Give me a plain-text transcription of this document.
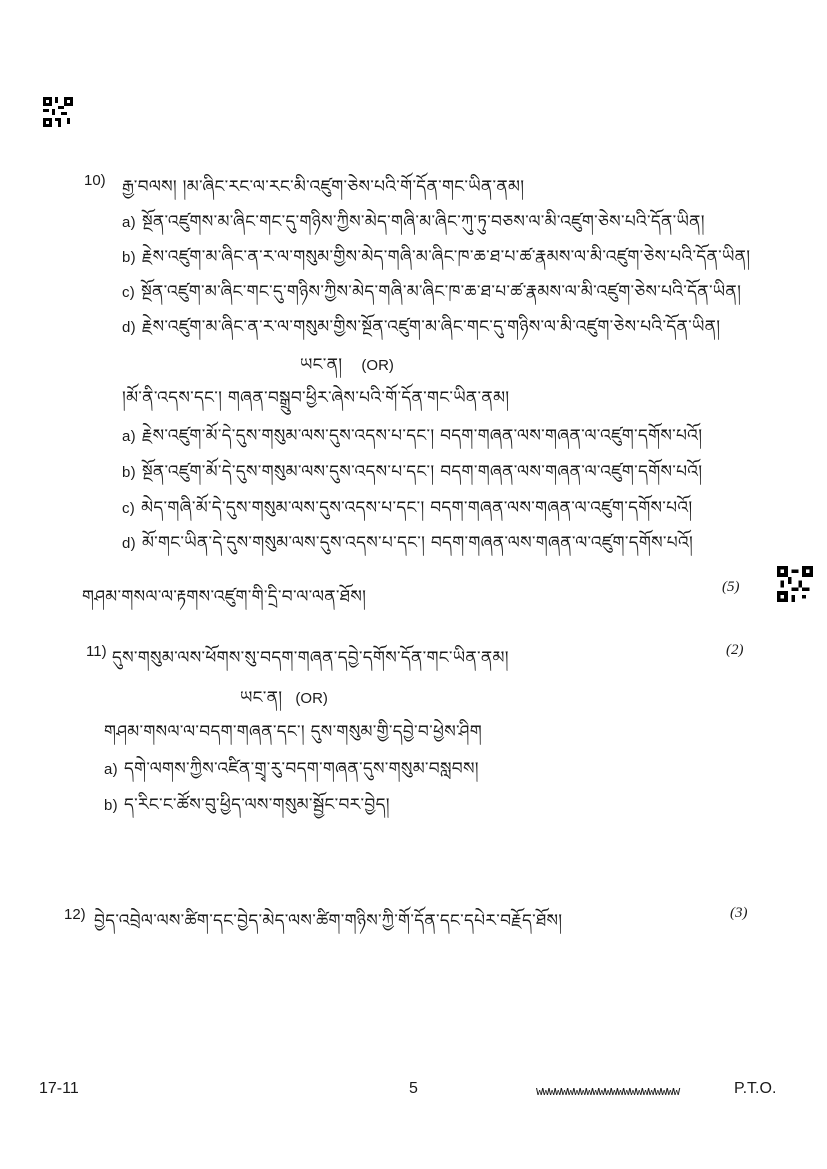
10) རྒྱ་བལས། །མ་ཞིང་རང་ལ་རང་མི་འཛུག་ཅེས་པའི་གོ་དོན་གང་ཡིན་ནམ།
a) སྔོན་འཛུགས་མ་ཞིང་གང་དུ་གཉིས་ཀྱིས་མེད་གཞི་མ་ཞིང་ཀུ་ཏུ་བཅས་ལ་མི་འཛུག་ཅེས་པའི་དོན་ཡིན།
b) རྗེས་འཛུག་མ་ཞིང་ན་ར་ལ་གསུམ་གྱིས་མེད་གཞི་མ་ཞིང་ཁ་ཆ་ཐ་པ་ཚ་རྣམས་ལ་མི་འཛུག་ཅེས་པའི་དོན་ཡིན།
c) སྔོན་འཛུག་མ་ཞིང་གང་དུ་གཉིས་ཀྱིས་མེད་གཞི་མ་ཞིང་ཁ་ཆ་ཐ་པ་ཚ་རྣམས་ལ་མི་འཛུག་ཅེས་པའི་དོན་ཡིན།
d) རྗེས་འཛུག་མ་ཞིང་ན་ར་ལ་གསུམ་གྱིས་སྔོན་འཛུག་མ་ཞིང་གང་དུ་གཉིས་ལ་མི་འཛུག་ཅེས་པའི་དོན་ཡིན།
ཡང་ན། (OR)
།མོ་ནི་འདས་དང་། གཞན་བསྒྲུབ་ཕྱིར་ཞེས་པའི་གོ་དོན་གང་ཡིན་ནམ།
a) རྗེས་འཛུག་མོ་དེ་དུས་གསུམ་ལས་དུས་འདས་པ་དང་། བདག་གཞན་ལས་གཞན་ལ་འཛུག་དགོས་པའོ།
b) སྔོན་འཛུག་མོ་དེ་དུས་གསུམ་ལས་དུས་འདས་པ་དང་། བདག་གཞན་ལས་གཞན་ལ་འཛུག་དགོས་པའོ།
c) མེད་གཞི་མོ་དེ་དུས་གསུམ་ལས་དུས་འདས་པ་དང་། བདག་གཞན་ལས་གཞན་ལ་འཛུག་དགོས་པའོ།
d) མོ་གང་ཡིན་དེ་དུས་གསུམ་ལས་དུས་འདས་པ་དང་། བདག་གཞན་ལས་གཞན་ལ་འཛུག་དགོས་པའོ།
གཤམ་གསལ་ལ་རྟགས་འཛུག་གི་དྲི་བ་ལ་ལན་ཐོས།	(5)
11) དུས་གསུམ་ལས་ཕོགས་སུ་བདག་གཞན་དབྱེ་དགོས་དོན་གང་ཡིན་ནམ།	(2)
ཡང་ན། (OR)
གཤམ་གསལ་ལ་བདག་གཞན་དང་། དུས་གསུམ་གྱི་དབྱེ་བ་ཕྱེས་ཤིག
a) དགེ་ལགས་ཀྱིས་འཛིན་གྲྭ་རུ་བདག་གཞན་དུས་གསུམ་བསླབས།
b) ད་རིང་ང་ཚོས་བུ་ཕྱིད་ལས་གསུམ་སྦྱོང་བར་བྱེད།
12) བྱེད་འབྲེལ་ལས་ཚིག་དང་བྱེད་མེད་ལས་ཚིག་གཉིས་ཀྱི་གོ་དོན་དང་དཔེར་བརྗོད་ཐོས།	(3)
17-11	5	wwwwwwwwwwwwwwwwwwwwwww	P.T.O.
